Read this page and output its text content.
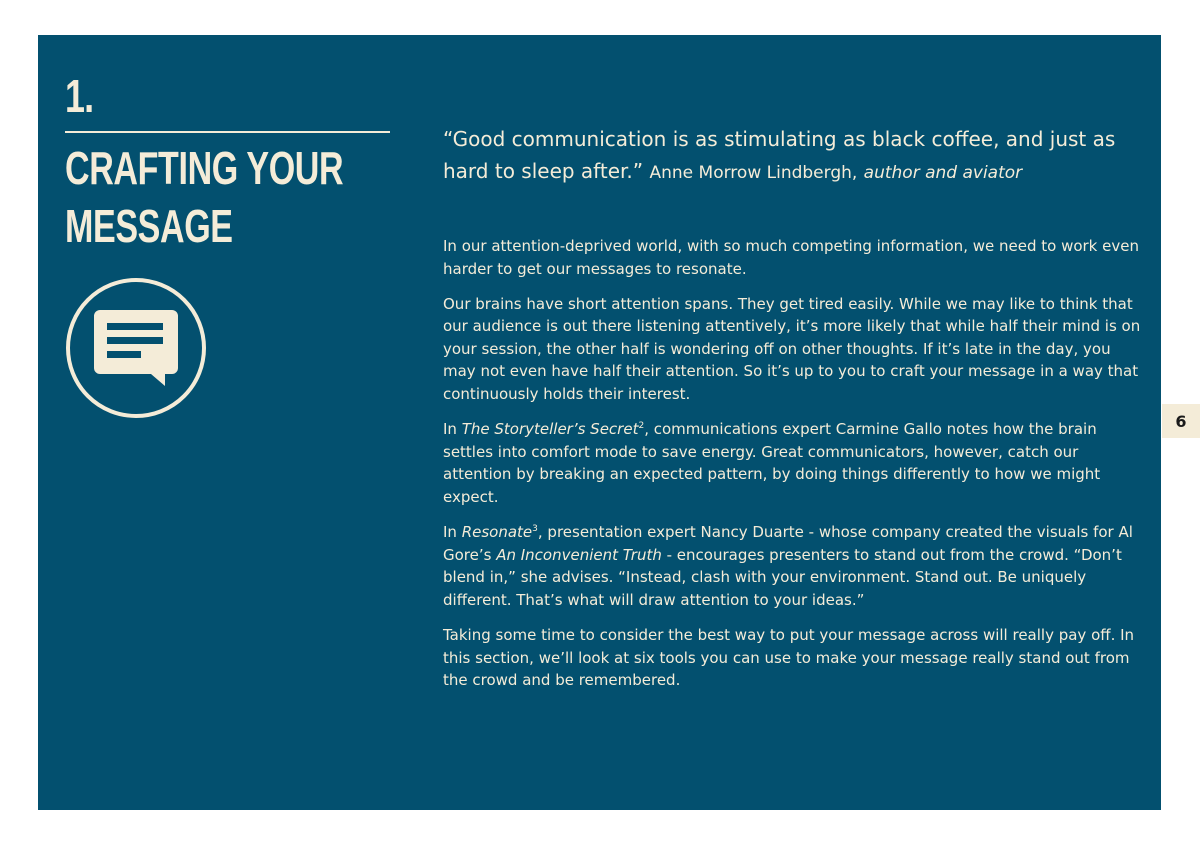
1.
CRAFTING YOUR
MESSAGE
“Good communication is as stimulating as black coffee, and just as hard to sleep after.” Anne Morrow Lindbergh, author and aviator

In our attention-deprived world, with so much competing information, we need to work even harder to get our messages to resonate.

Our brains have short attention spans. They get tired easily. While we may like to think that our audience is out there listening attentively, it’s more likely that while half their mind is on your session, the other half is wondering off on other thoughts. If it’s late in the day, you may not even have half their attention. So it’s up to you to craft your message in a way that continuously holds their interest.

In The Storyteller’s Secret$^2$, communications expert Carmine Gallo notes how the brain settles into comfort mode to save energy. Great communicators, however, catch our attention by breaking an expected pattern, by doing things differently to how we might expect.

In Resonate$^3$, presentation expert Nancy Duarte - whose company created the visuals for Al Gore’s An Inconvenient Truth - encourages presenters to stand out from the crowd. “Don’t blend in,” she advises. “Instead, clash with your environment. Stand out. Be uniquely different. That’s what will draw attention to your ideas.”

Taking some time to consider the best way to put your message across will really pay off. In this section, we’ll look at six tools you can use to make your message really stand out from the crowd and be remembered.

6
